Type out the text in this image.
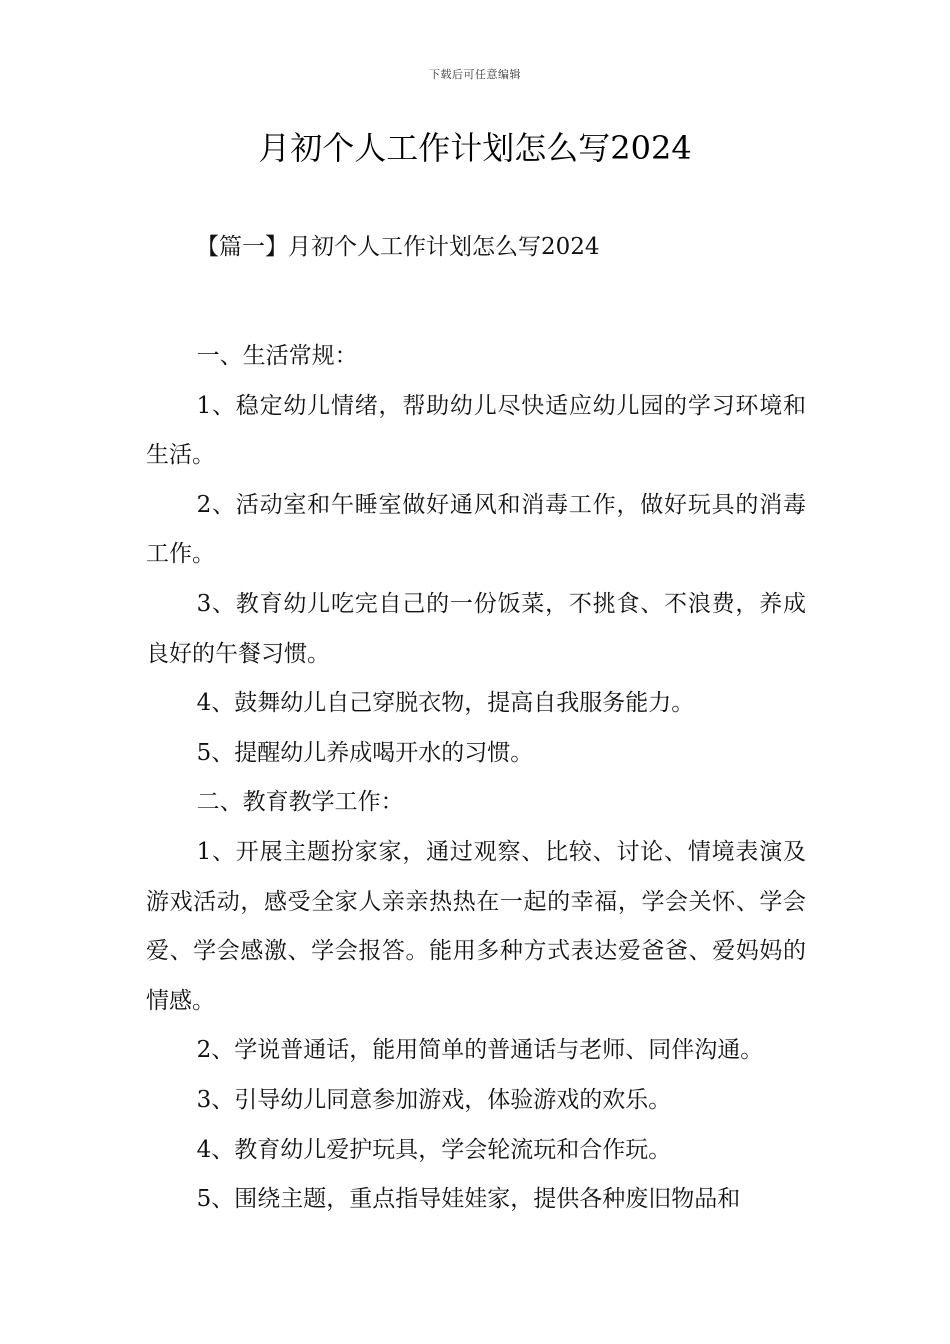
下载后可任意编辑
月初个人工作计划怎么写2024
【篇一】月初个人工作计划怎么写2024

一、生活常规：

1、稳定幼儿情绪，帮助幼儿尽快适应幼儿园的学习环境和生活。

2、活动室和午睡室做好通风和消毒工作，做好玩具的消毒工作。

3、教育幼儿吃完自己的一份饭菜，不挑食、不浪费，养成良好的午餐习惯。

4、鼓舞幼儿自己穿脱衣物，提高自我服务能力。

5、提醒幼儿养成喝开水的习惯。

二、教育教学工作：

1、开展主题扮家家，通过观察、比较、讨论、情境表演及游戏活动，感受全家人亲亲热热在一起的幸福，学会关怀、学会爱、学会感激、学会报答。能用多种方式表达爱爸爸、爱妈妈的情感。

2、学说普通话，能用简单的普通话与老师、同伴沟通。

3、引导幼儿同意参加游戏，体验游戏的欢乐。

4、教育幼儿爱护玩具，学会轮流玩和合作玩。

5、围绕主题，重点指导娃娃家，提供各种废旧物品和
